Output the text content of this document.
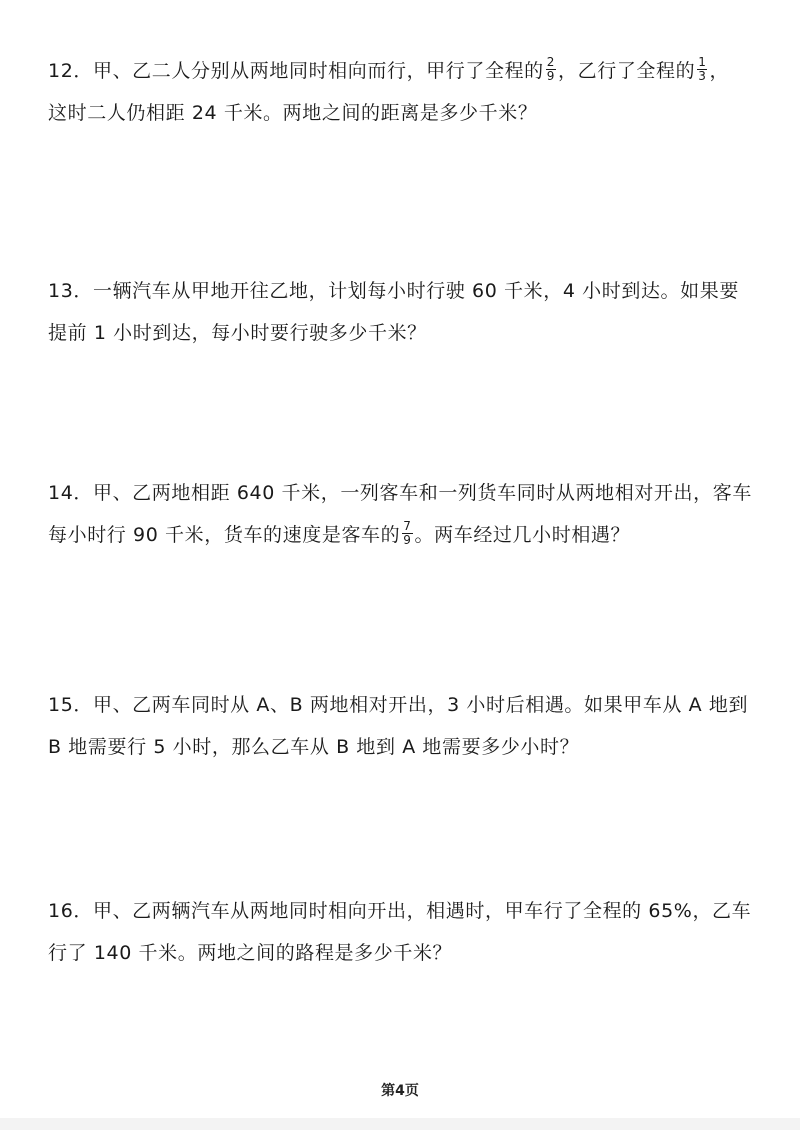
12．甲、乙二人分别从两地同时相向而行，甲行了全程的 $\frac{2}{9}$ ，乙行了全程的 $\frac{1}{3}$ ，
这时二人仍相距 24 千米。两地之间的距离是多少千米？
13．一辆汽车从甲地开往乙地，计划每小时行驶 60 千米，4 小时到达。如果要
提前 1 小时到达，每小时要行驶多少千米？
14．甲、乙两地相距 640 千米，一列客车和一列货车同时从两地相对开出，客车
每小时行 90 千米，货车的速度是客车的 $\frac{7}{9}$ 。两车经过几小时相遇？
15．甲、乙两车同时从 A、B 两地相对开出，3 小时后相遇。如果甲车从 A 地到
B 地需要行 5 小时，那么乙车从 B 地到 A 地需要多少小时？
16．甲、乙两辆汽车从两地同时相向开出，相遇时，甲车行了全程的 65%，乙车
行了 140 千米。两地之间的路程是多少千米？
第4页
